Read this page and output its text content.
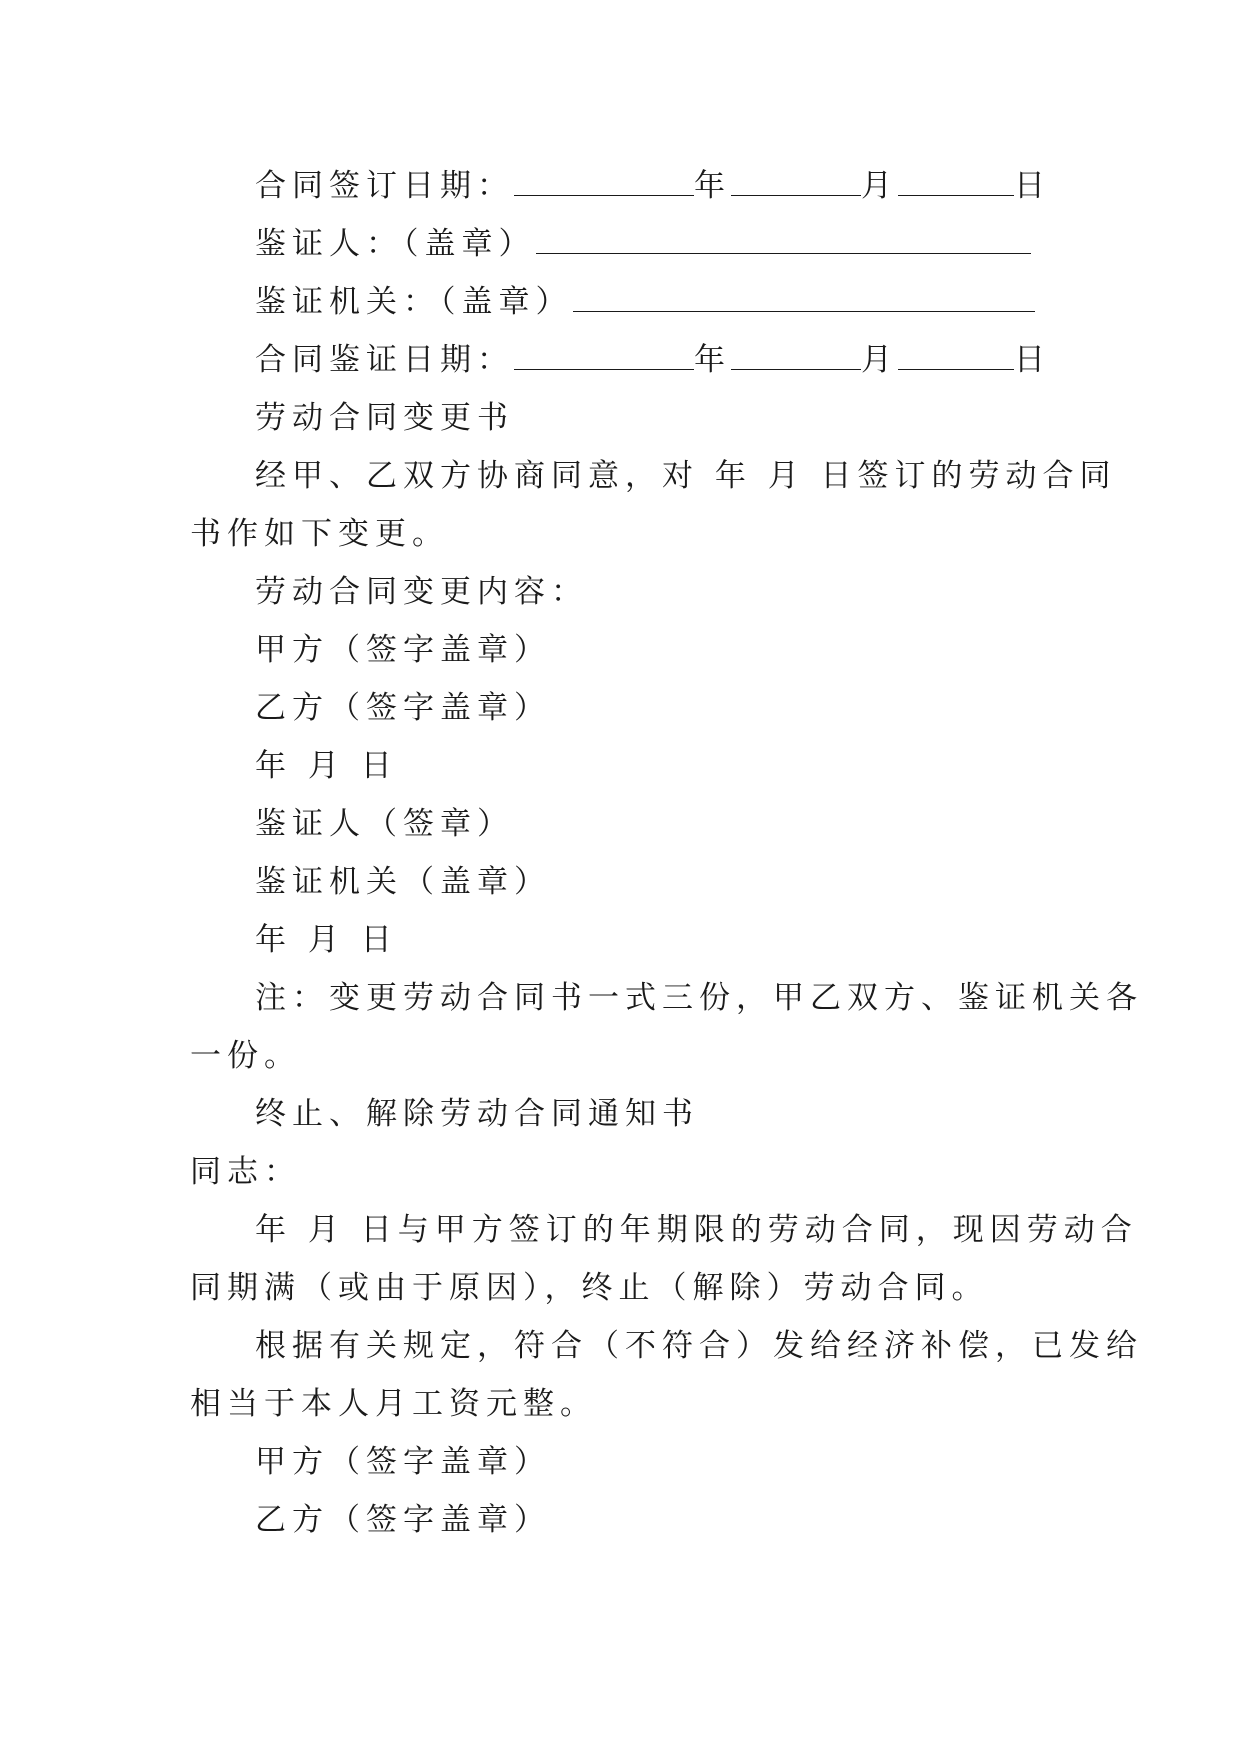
合同签订日期：	年	月	日
鉴证人：（盖章）
鉴证机关：（盖章）
合同鉴证日期：	年	月	日
劳动合同变更书
经甲、乙双方协商同意，对 年 月 日签订的劳动合同
书作如下变更。
劳动合同变更内容：
甲方（签字盖章）
乙方（签字盖章）
年 月 日
鉴证人（签章）
鉴证机关（盖章）
年 月 日
注：变更劳动合同书一式三份，甲乙双方、鉴证机关各
一份。
终止、解除劳动合同通知书
同志：
年 月 日与甲方签订的年期限的劳动合同，现因劳动合
同期满（或由于原因），终止（解除）劳动合同。
根据有关规定，符合（不符合）发给经济补偿，已发给
相当于本人月工资元整。
甲方（签字盖章）
乙方（签字盖章）
